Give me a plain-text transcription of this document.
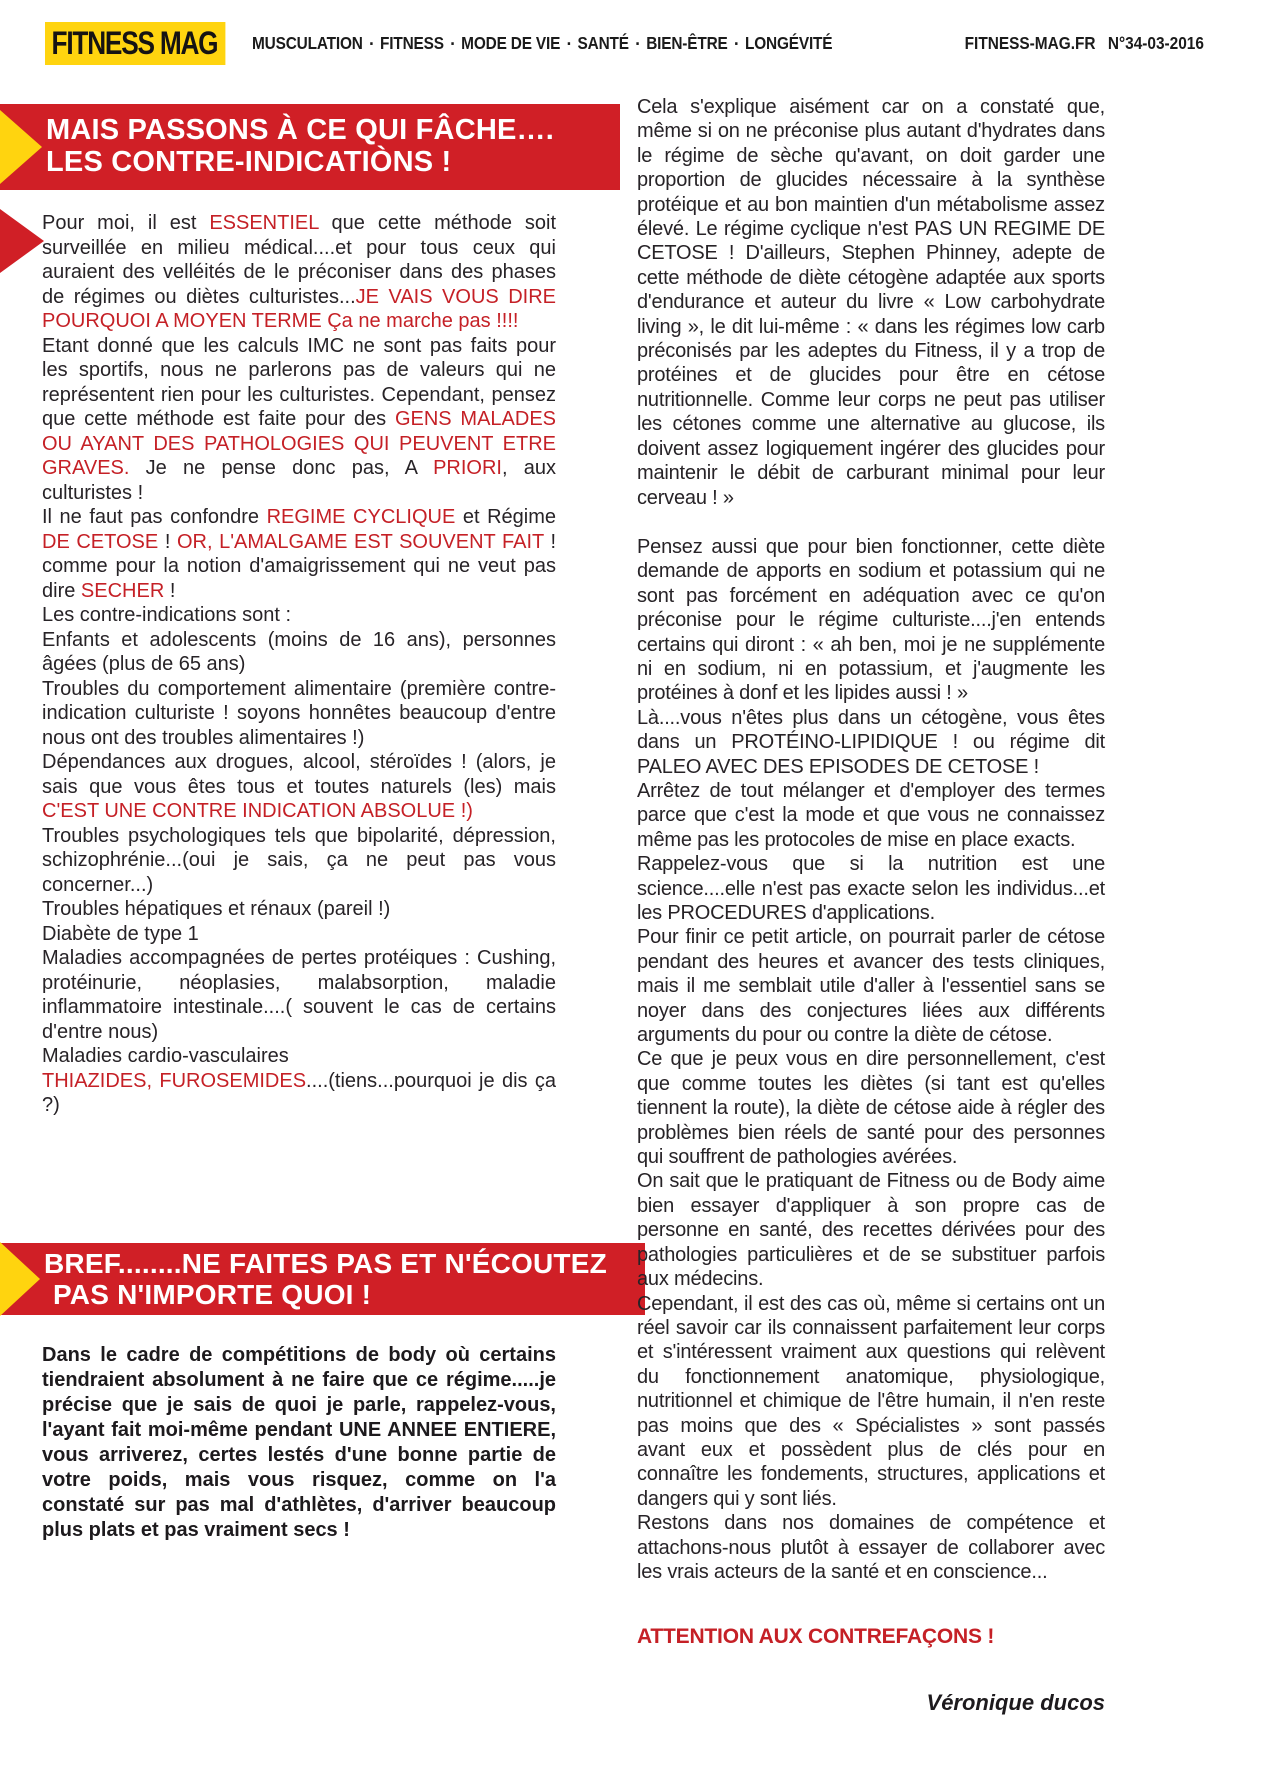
FITNESS MAG	MUSCULATION ▪ FITNESS ▪ MODE DE VIE ▪ SANTÉ ▪ BIEN-ÊTRE ▪ LONGÉVITÉ	FITNESS-MAG.FR N°34-03-2016
MAIS PASSONS À CE QUI FÂCHE….
LES CONTRE-INDICATIÒNS !

Pour moi, il est ESSENTIEL que cette méthode soit surveillée en milieu médical....et pour tous ceux qui auraient des velléités de le préconiser dans des phases de régimes ou diètes culturistes...JE VAIS VOUS DIRE POURQUOI A MOYEN TERME Ça ne marche pas !!!!

Etant donné que les calculs IMC ne sont pas faits pour les sportifs, nous ne parlerons pas de valeurs qui ne représentent rien pour les culturistes. Cependant, pensez que cette méthode est faite pour des GENS MALADES OU AYANT DES PATHOLOGIES QUI PEUVENT ETRE GRAVES. Je ne pense donc pas, A PRIORI, aux culturistes !

Il ne faut pas confondre REGIME CYCLIQUE et Régime DE CETOSE ! OR, L'AMALGAME EST SOUVENT FAIT ! comme pour la notion d'amaigrissement qui ne veut pas dire SECHER !

Les contre-indications sont :

Enfants et adolescents (moins de 16 ans), personnes âgées (plus de 65 ans)

Troubles du comportement alimentaire (première contre-indication culturiste ! soyons honnêtes beaucoup d'entre nous ont des troubles alimentaires !)

Dépendances aux drogues, alcool, stéroïdes ! (alors, je sais que vous êtes tous et toutes naturels (les) mais C'EST UNE CONTRE INDICATION ABSOLUE !)

Troubles psychologiques tels que bipolarité, dépression, schizophrénie...(oui je sais, ça ne peut pas vous concerner...)

Troubles hépatiques et rénaux (pareil !)

Diabète de type 1

Maladies accompagnées de pertes protéiques : Cushing, protéinurie, néoplasies, malabsorption, maladie inflammatoire intestinale....( souvent le cas de certains d'entre nous)

Maladies cardio-vasculaires

THIAZIDES, FUROSEMIDES....(tiens...pourquoi je dis ça ?)

BREF........NE FAITES PAS ET N'ÉCOUTEZ
PAS N'IMPORTE QUOI !
Dans le cadre de compétitions de body où certains tiendraient absolument à ne faire que ce régime.....je précise que je sais de quoi je parle, rappelez-vous, l'ayant fait moi-même pendant UNE ANNEE ENTIERE, vous arriverez, certes lestés d'une bonne partie de votre poids, mais vous risquez, comme on l'a constaté sur pas mal d'athlètes, d'arriver beaucoup plus plats et pas vraiment secs !

Cela s'explique aisément car on a constaté que, même si on ne préconise plus autant d'hydrates dans le régime de sèche qu'avant, on doit garder une proportion de glucides nécessaire à la synthèse protéique et au bon maintien d'un métabolisme assez élevé. Le régime cyclique n'est PAS UN REGIME DE CETOSE ! D'ailleurs, Stephen Phinney, adepte de cette méthode de diète cétogène adaptée aux sports d'endurance et auteur du livre « Low carbohydrate living », le dit lui-même : « dans les régimes low carb préconisés par les adeptes du Fitness, il y a trop de protéines et de glucides pour être en cétose nutritionnelle. Comme leur corps ne peut pas utiliser les cétones comme une alternative au glucose, ils doivent assez logiquement ingérer des glucides pour maintenir le débit de carburant minimal pour leur cerveau ! »

Pensez aussi que pour bien fonctionner, cette diète demande de apports en sodium et potassium qui ne sont pas forcément en adéquation avec ce qu'on préconise pour le régime culturiste....j'en entends certains qui diront : « ah ben, moi je ne supplémente ni en sodium, ni en potassium, et j'augmente les protéines à donf et les lipides aussi ! »

Là....vous n'êtes plus dans un cétogène, vous êtes dans un PROTÉINO-LIPIDIQUE ! ou régime dit PALEO AVEC DES EPISODES DE CETOSE !

Arrêtez de tout mélanger et d'employer des termes parce que c'est la mode et que vous ne connaissez même pas les protocoles de mise en place exacts.

Rappelez-vous que si la nutrition est une science....elle n'est pas exacte selon les individus...et les PROCEDURES d'applications.

Pour finir ce petit article, on pourrait parler de cétose pendant des heures et avancer des tests cliniques, mais il me semblait utile d'aller à l'essentiel sans se noyer dans des conjectures liées aux différents arguments du pour ou contre la diète de cétose.

Ce que je peux vous en dire personnellement, c'est que comme toutes les diètes (si tant est qu'elles tiennent la route), la diète de cétose aide à régler des problèmes bien réels de santé pour des personnes qui souffrent de pathologies avérées.

On sait que le pratiquant de Fitness ou de Body aime bien essayer d'appliquer à son propre cas de personne en santé, des recettes dérivées pour des pathologies particulières et de se substituer parfois aux médecins.

Cependant, il est des cas où, même si certains ont un réel savoir car ils connaissent parfaitement leur corps et s'intéressent vraiment aux questions qui relèvent du fonctionnement anatomique, physiologique, nutritionnel et chimique de l'être humain, il n'en reste pas moins que des « Spécialistes » sont passés avant eux et possèdent plus de clés pour en connaître les fondements, structures, applications et dangers qui y sont liés.

Restons dans nos domaines de compétence et attachons-nous plutôt à essayer de collaborer avec les vrais acteurs de la santé et en conscience...

ATTENTION AUX CONTREFAÇONS !
Véronique ducos
